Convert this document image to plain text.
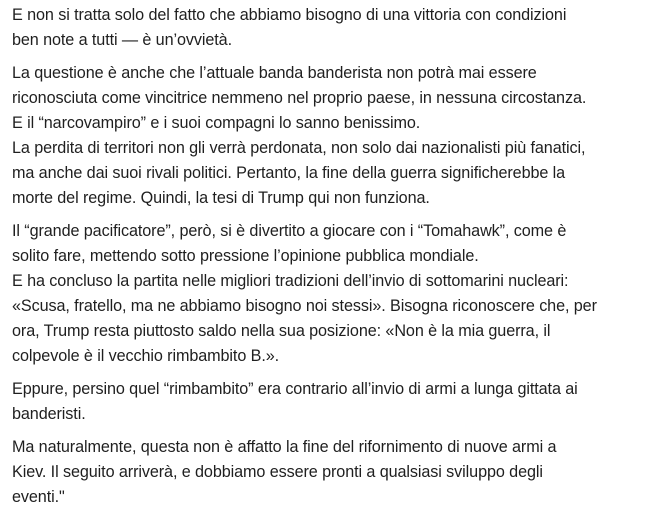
E non si tratta solo del fatto che abbiamo bisogno di una vittoria con condizioni
ben note a tutti — è un’ovvietà.

La questione è anche che l’attuale banda banderista non potrà mai essere
riconosciuta come vincitrice nemmeno nel proprio paese, in nessuna circostanza.
E il “narcovampiro” e i suoi compagni lo sanno benissimo.
La perdita di territori non gli verrà perdonata, non solo dai nazionalisti più fanatici,
ma anche dai suoi rivali politici. Pertanto, la fine della guerra significherebbe la
morte del regime. Quindi, la tesi di Trump qui non funziona.

Il “grande pacificatore”, però, si è divertito a giocare con i “Tomahawk”, come è
solito fare, mettendo sotto pressione l’opinione pubblica mondiale.
E ha concluso la partita nelle migliori tradizioni dell’invio di sottomarini nucleari:
«Scusa, fratello, ma ne abbiamo bisogno noi stessi». Bisogna riconoscere che, per
ora, Trump resta piuttosto saldo nella sua posizione: «Non è la mia guerra, il
colpevole è il vecchio rimbambito B.».

Eppure, persino quel “rimbambito” era contrario all’invio di armi a lunga gittata ai
banderisti.

Ma naturalmente, questa non è affatto la fine del rifornimento di nuove armi a
Kiev. Il seguito arriverà, e dobbiamo essere pronti a qualsiasi sviluppo degli
eventi."
